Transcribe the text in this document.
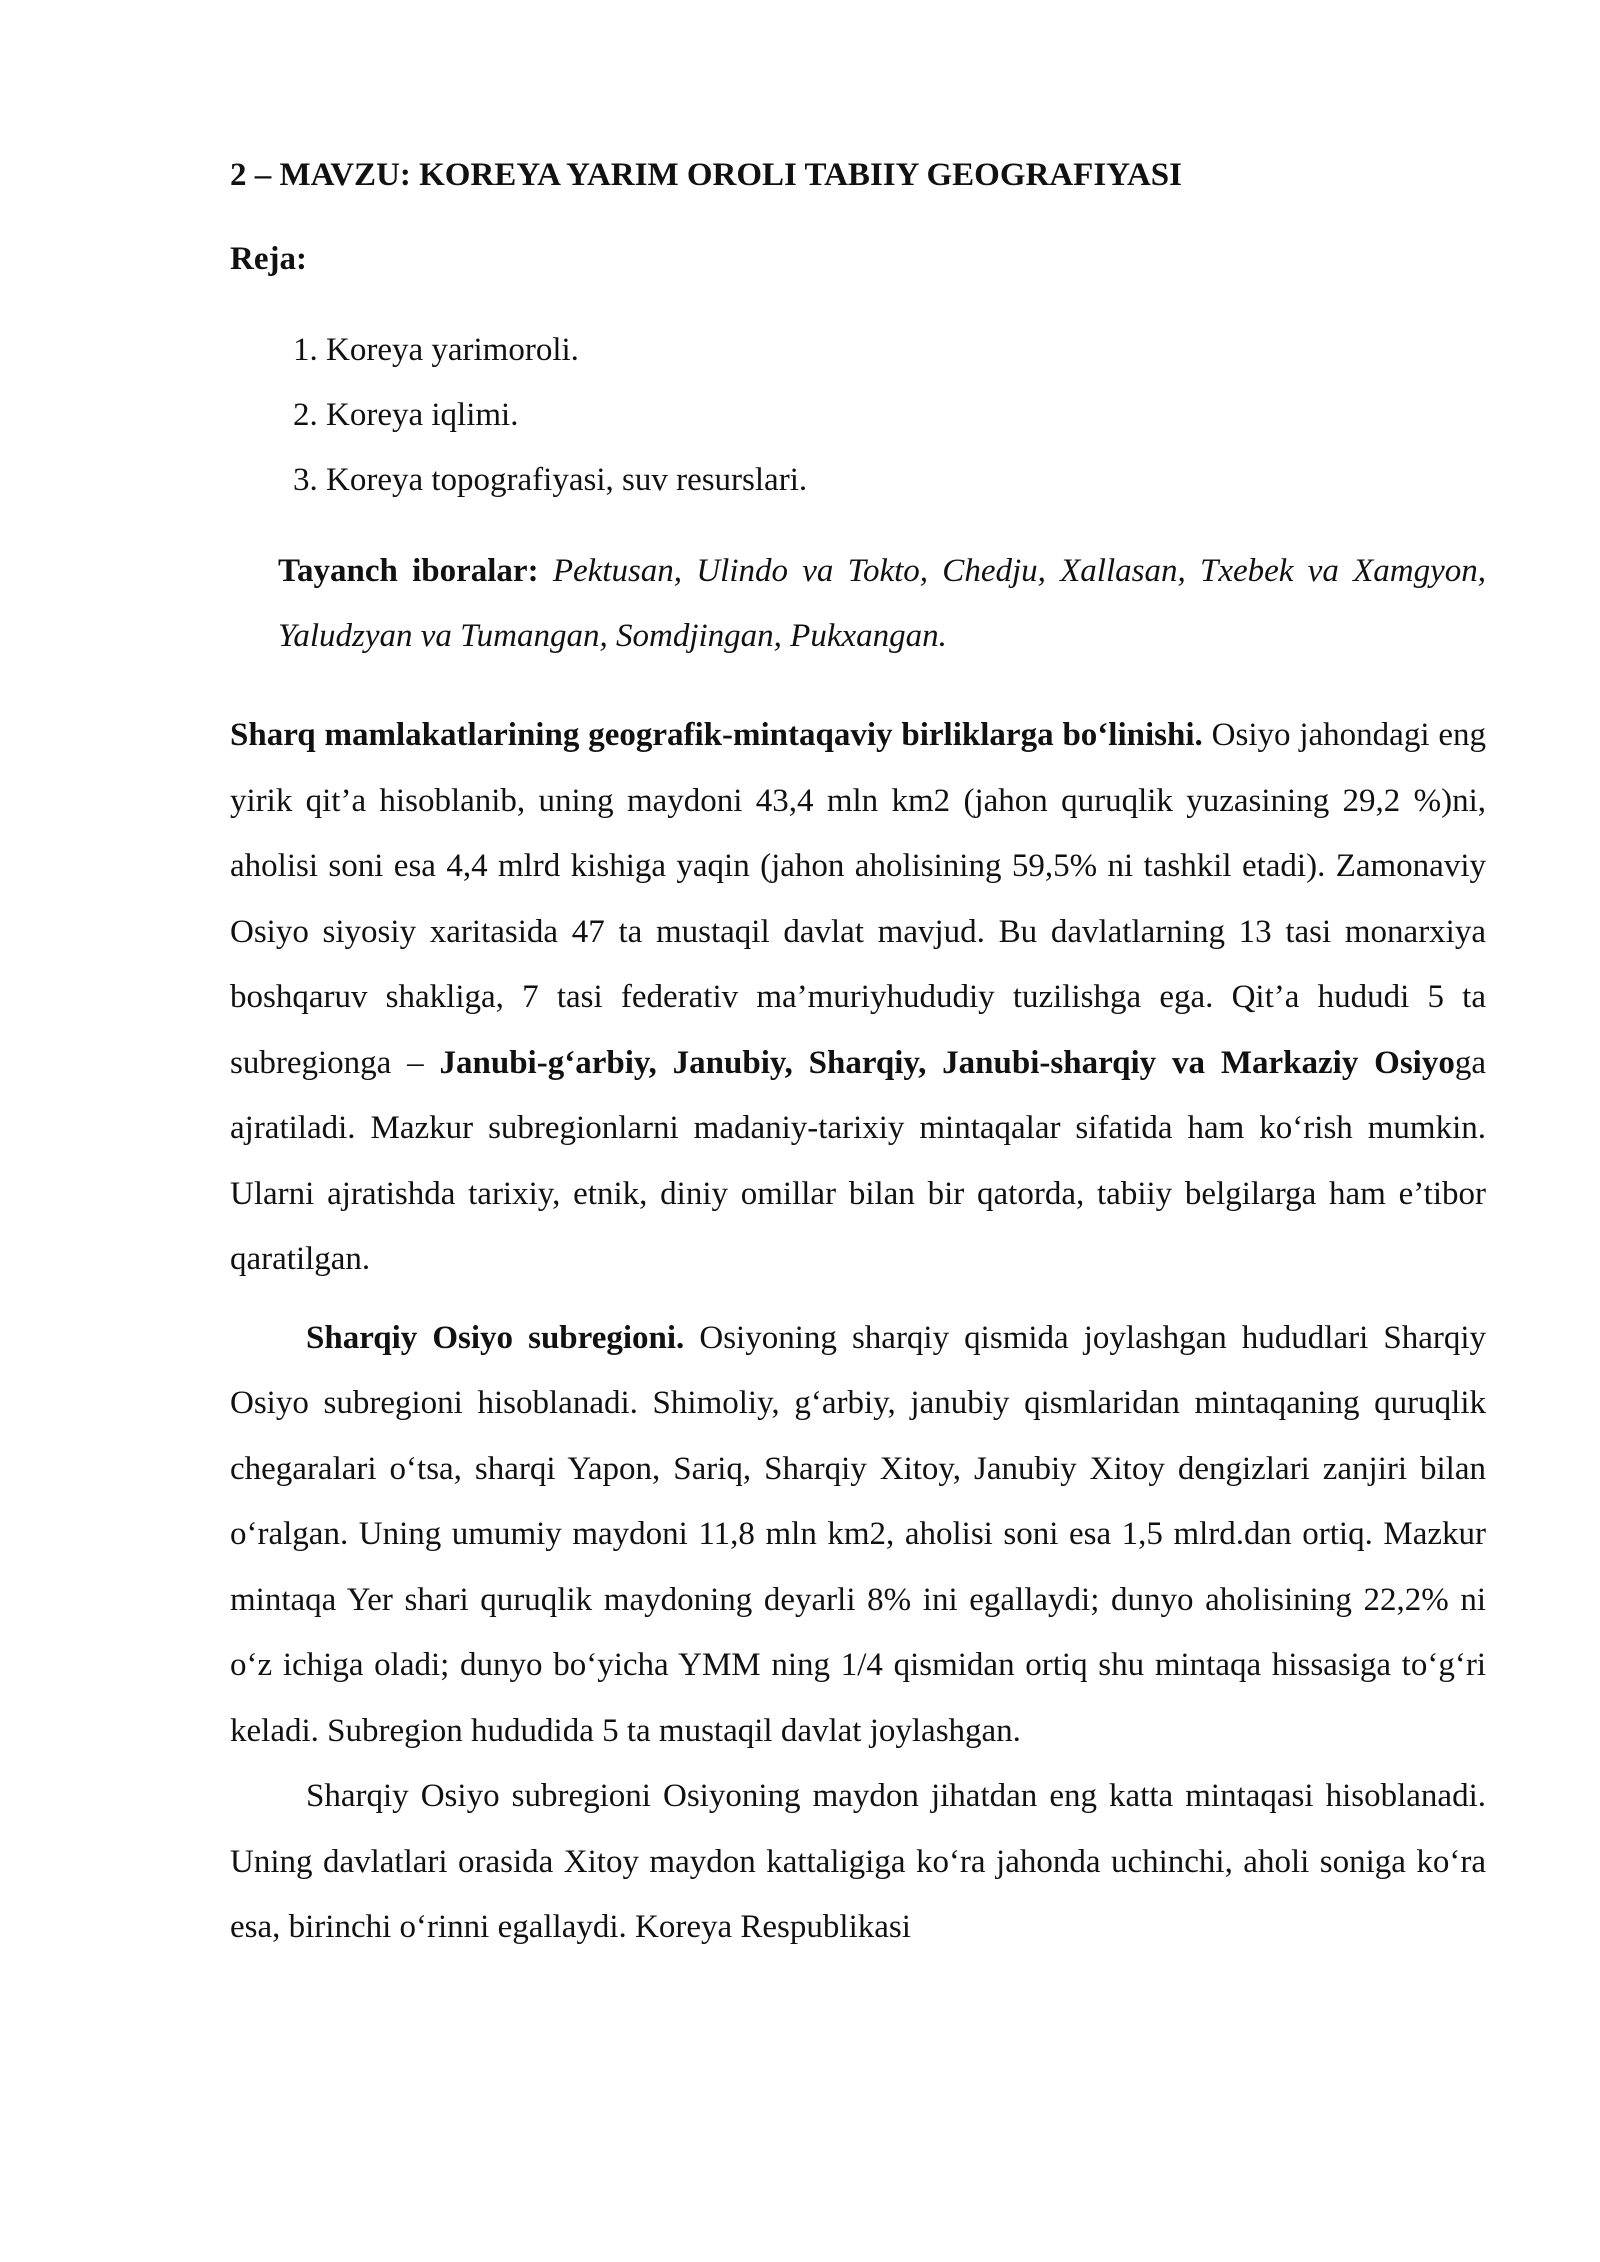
2 – MAVZU: KOREYA YARIM OROLI TABIIY GEOGRAFIYASI

Reja:

1. Koreya yarimoroli.
2. Koreya iqlimi.
3. Koreya topografiyasi, suv resurslari.

Tayanch iboralar: Pektusan, Ulindo va Tokto, Chedju, Xallasan, Txebek va Xamgyon, Yaludzyan va Tumangan, Somdjingan, Pukxangan.

Sharq mamlakatlarining geografik-mintaqaviy birliklarga bo‘linishi. Osiyo jahondagi eng yirik qit’a hisoblanib, uning maydoni 43,4 mln km2 (jahon quruqlik yuzasining 29,2 %)ni, aholisi soni esa 4,4 mlrd kishiga yaqin (jahon aholisining 59,5% ni tashkil etadi). Zamonaviy Osiyo siyosiy xaritasida 47 ta mustaqil davlat mavjud. Bu davlatlarning 13 tasi monarxiya boshqaruv shakliga, 7 tasi federativ ma’muriyhududiy tuzilishga ega. Qit’a hududi 5 ta subregionga – Janubi-g‘arbiy, Janubiy, Sharqiy, Janubi-sharqiy va Markaziy Osiyoga ajratiladi. Mazkur subregionlarni madaniy-tarixiy mintaqalar sifatida ham ko‘rish mumkin. Ularni ajratishda tarixiy, etnik, diniy omillar bilan bir qatorda, tabiiy belgilarga ham e’tibor qaratilgan.

Sharqiy Osiyo subregioni. Osiyoning sharqiy qismida joylashgan hududlari Sharqiy Osiyo subregioni hisoblanadi. Shimoliy, g‘arbiy, janubiy qismlaridan mintaqaning quruqlik chegaralari o‘tsa, sharqi Yapon, Sariq, Sharqiy Xitoy, Janubiy Xitoy dengizlari zanjiri bilan o‘ralgan. Uning umumiy maydoni 11,8 mln km2, aholisi soni esa 1,5 mlrd.dan ortiq. Mazkur mintaqa Yer shari quruqlik maydoning deyarli 8% ini egallaydi; dunyo aholisining 22,2% ni o‘z ichiga oladi; dunyo bo‘yicha YMM ning 1/4 qismidan ortiq shu mintaqa hissasiga to‘g‘ri keladi. Subregion hududida 5 ta mustaqil davlat joylashgan.

Sharqiy Osiyo subregioni Osiyoning maydon jihatdan eng katta mintaqasi hisoblanadi. Uning davlatlari orasida Xitoy maydon kattaligiga ko‘ra jahonda uchinchi, aholi soniga ko‘ra esa, birinchi o‘rinni egallaydi. Koreya Respublikasi
